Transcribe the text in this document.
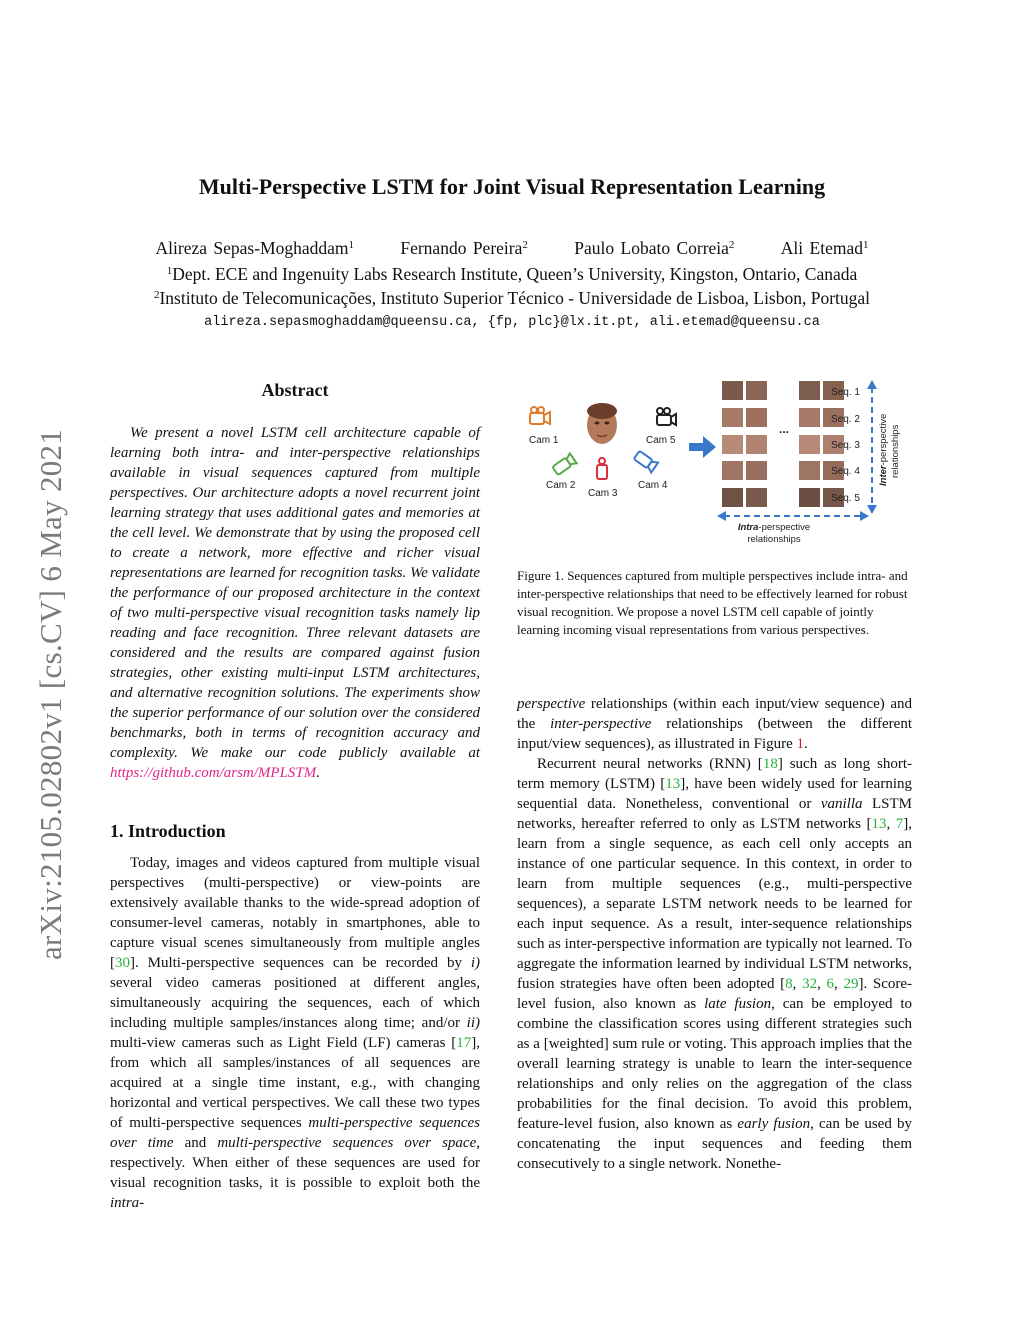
Multi-Perspective LSTM for Joint Visual Representation Learning
Alireza Sepas-Moghaddam$^1$	Fernando Pereira$^2$	Paulo Lobato Correia$^2$	Ali Etemad$^1$
$^1$Dept. ECE and Ingenuity Labs Research Institute, Queen’s University, Kingston, Ontario, Canada
$^2$Instituto de Telecomunicações, Instituto Superior Técnico - Universidade de Lisboa, Lisbon, Portugal
alireza.sepasmoghaddam@queensu.ca, {fp, plc}@lx.it.pt, ali.etemad@queensu.ca
arXiv:2105.02802v1 [cs.CV] 6 May 2021
Abstract

We present a novel LSTM cell architecture capable of learning both intra- and inter-perspective relationships available in visual sequences captured from multiple perspectives. Our architecture adopts a novel recurrent joint learning strategy that uses additional gates and memories at the cell level. We demonstrate that by using the proposed cell to create a network, more effective and richer visual representations are learned for recognition tasks. We validate the performance of our proposed architecture in the context of two multi-perspective visual recognition tasks namely lip reading and face recognition. Three relevant datasets are considered and the results are compared against fusion strategies, other existing multi-input LSTM architectures, and alternative recognition solutions. The experiments show the superior performance of our solution over the considered benchmarks, both in terms of recognition accuracy and complexity. We make our code publicly available at https://github.com/arsm/MPLSTM.

1. Introduction

Today, images and videos captured from multiple visual perspectives (multi-perspective) or view-points are extensively available thanks to the wide-spread adoption of consumer-level cameras, notably in smartphones, able to capture visual scenes simultaneously from multiple angles [30]. Multi-perspective sequences can be recorded by i) several video cameras positioned at different angles, simultaneously acquiring the sequences, each of which including multiple samples/instances along time; and/or ii) multi-view cameras such as Light Field (LF) cameras [17], from which all samples/instances of all sequences are acquired at a single time instant, e.g., with changing horizontal and vertical perspectives. We call these two types of multi-perspective sequences multi-perspective sequences over time and multi-perspective sequences over space, respectively. When either of these sequences are used for visual recognition tasks, it is possible to exploit both the intra-

Cam 1
Cam 2
Cam 3
Cam 4
Cam 5
...
Seq. 1
Seq. 2
Seq. 3
Seq. 4
Seq. 5
Inter-perspective relationships
Intra-perspective
relationships
Figure 1. Sequences captured from multiple perspectives include intra- and inter-perspective relationships that need to be effectively learned for robust visual recognition. We propose a novel LSTM cell capable of jointly learning incoming visual representations from various perspectives.

perspective relationships (within each input/view sequence) and the inter-perspective relationships (between the different input/view sequences), as illustrated in Figure 1.

Recurrent neural networks (RNN) [18] such as long short-term memory (LSTM) [13], have been widely used for learning sequential data. Nonetheless, conventional or vanilla LSTM networks, hereafter referred to only as LSTM networks [13, 7], learn from a single sequence, as each cell only accepts an instance of one particular sequence. In this context, in order to learn from multiple sequences (e.g., multi-perspective sequences), a separate LSTM network needs to be learned for each input sequence. As a result, inter-sequence relationships such as inter-perspective information are typically not learned. To aggregate the information learned by individual LSTM networks, fusion strategies have often been adopted [8, 32, 6, 29]. Score-level fusion, also known as late fusion, can be employed to combine the classification scores using different strategies such as a [weighted] sum rule or voting. This approach implies that the overall learning strategy is unable to learn the inter-sequence relationships and only relies on the aggregation of the class probabilities for the final decision. To avoid this problem, feature-level fusion, also known as early fusion, can be used by concatenating the input sequences and feeding them consecutively to a single network. Nonethe-
